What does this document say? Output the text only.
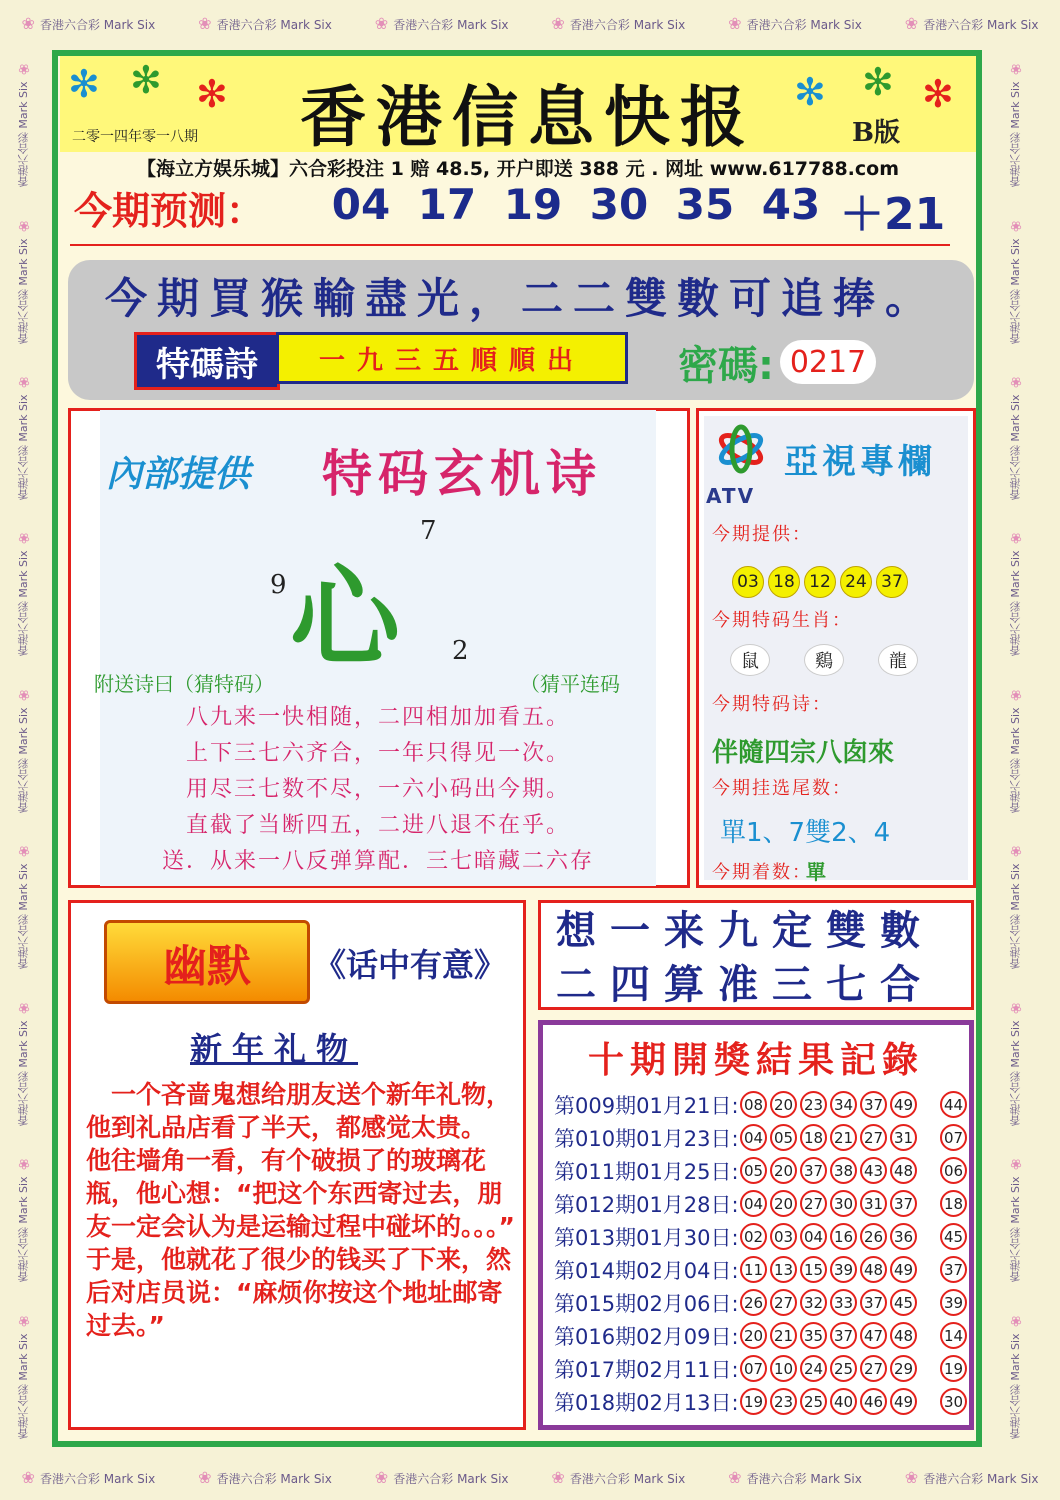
❀ 香港六合彩 Mark Six	❀ 香港六合彩 Mark Six	❀ 香港六合彩 Mark Six	❀ 香港六合彩 Mark Six	❀ 香港六合彩 Mark Six	❀ 香港六合彩 Mark Six
❀ 香港六合彩 Mark Six	❀ 香港六合彩 Mark Six	❀ 香港六合彩 Mark Six	❀ 香港六合彩 Mark Six	❀ 香港六合彩 Mark Six	❀ 香港六合彩 Mark Six
香港六合彩 Mark Six ❀
香港六合彩 Mark Six ❀
香港六合彩 Mark Six ❀
香港六合彩 Mark Six ❀
香港六合彩 Mark Six ❀
香港六合彩 Mark Six ❀
香港六合彩 Mark Six ❀
香港六合彩 Mark Six ❀
香港六合彩 Mark Six ❀
香港六合彩 Mark Six ❀
香港六合彩 Mark Six ❀
香港六合彩 Mark Six ❀
香港六合彩 Mark Six ❀
香港六合彩 Mark Six ❀
香港六合彩 Mark Six ❀
香港六合彩 Mark Six ❀
香港六合彩 Mark Six ❀
香港六合彩 Mark Six ❀
✻ ✻ ✻	✻ ✻ ✻
香港信息快报
二零一四年零一八期	B版
【海立方娱乐城】六合彩投注 1 赔 48.5, 开户即送 388 元 . 网址 www.617788.com
今期预测：	★ 04 ★ 17 ★ 19 ★ 30 ★ 35 ★ 43 ＋21
今期買猴輸盡光，二二雙數可追捧。
特碼詩	一九三五順順出	密碼: 0217
內部提供 特码玄机诗
心
7
9
2
附送诗曰（猜特码）	（猜平连码
八九来一快相随，二四相加加看五。
上下三七六齐合，一年只得见一次。
用尽三七数不尽，一六小码出今期。
直截了当断四五，二进八退不在乎。
送．从来一八反弹算配．三七暗藏二六存
ATV
亞視專欄
今期提供：
03 18 12 24 37
今期特码生肖：
鼠	鷄	龍
今期特码诗：
伴隨四宗八囱來
今期挂选尾数：
單1、7雙2、4
今期着数：
單
幽默	《话中有意》
新年礼物

　一个吝啬鬼想给朋友送个新年礼物，他到礼品店看了半天，都感觉太贵。

他往墙角一看，有个破损了的玻璃花瓶，他心想：“把这个东西寄过去，朋友一定会认为是运输过程中碰坏的。。。”

于是，他就花了很少的钱买了下来，然后对店员说：“麻烦你按这个地址邮寄过去。”

想一来九定雙數
二四算准三七合
十期開獎結果記錄
第009期01月21日: 08 20 23 34 37 49 44
第010期01月23日: 04 05 18 21 27 31 07
第011期01月25日: 05 20 37 38 43 48 06
第012期01月28日: 04 20 27 30 31 37 18
第013期01月30日: 02 03 04 16 26 36 45
第014期02月04日: 11 13 15 39 48 49 37
第015期02月06日: 26 27 32 33 37 45 39
第016期02月09日: 20 21 35 37 47 48 14
第017期02月11日: 07 10 24 25 27 29 19
第018期02月13日: 19 23 25 40 46 49 30
